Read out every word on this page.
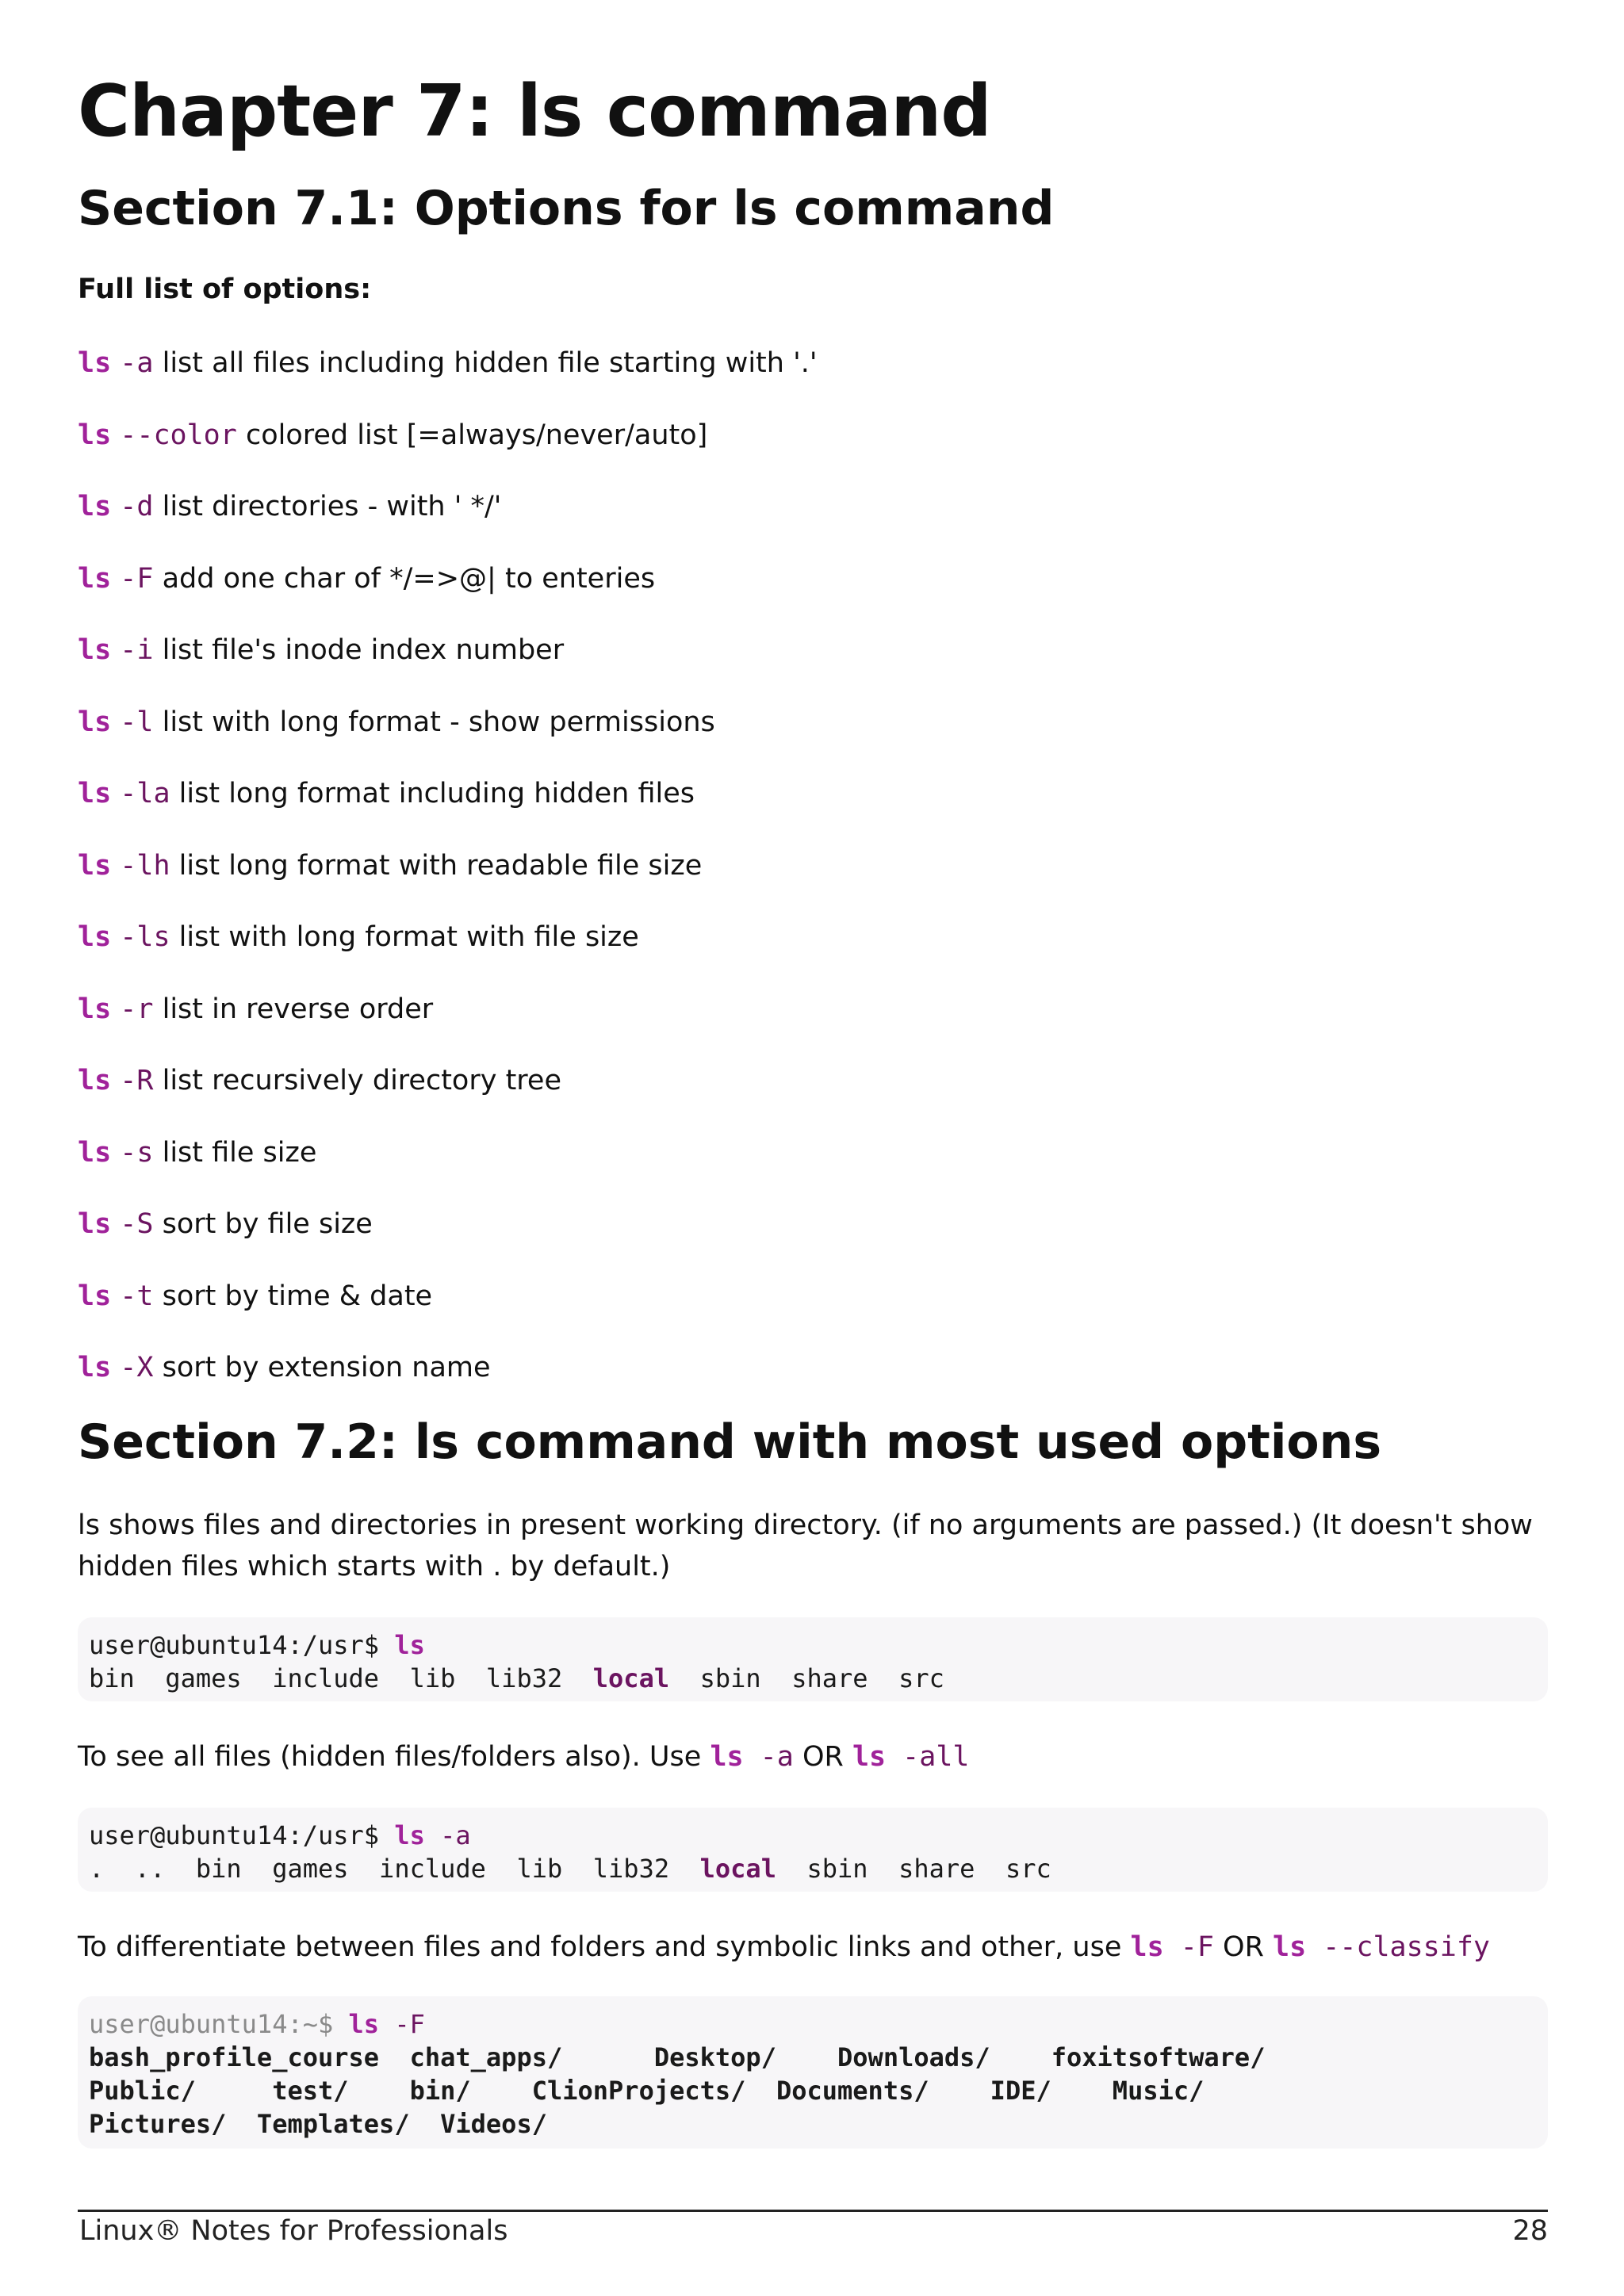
Chapter 7: ls command
Section 7.1: Options for ls command
Full list of options:
ls -a list all files including hidden file starting with '.'
ls --color colored list [=always/never/auto]
ls -d list directories - with ' */'
ls -F add one char of */=>@| to enteries
ls -i list file's inode index number
ls -l list with long format - show permissions
ls -la list long format including hidden files
ls -lh list long format with readable file size
ls -ls list with long format with file size
ls -r list in reverse order
ls -R list recursively directory tree
ls -s list file size
ls -S sort by file size
ls -t sort by time & date
ls -X sort by extension name
Section 7.2: ls command with most used options
ls shows files and directories in present working directory. (if no arguments are passed.) (It doesn't show hidden files which starts with . by default.)
user@ubuntu14:/usr$ ls
bin  games  include  lib  lib32  local  sbin  share  src
To see all files (hidden files/folders also). Use ls -a OR ls -all
user@ubuntu14:/usr$ ls -a
.  ..  bin  games  include  lib  lib32  local  sbin  share  src
To differentiate between files and folders and symbolic links and other, use ls -F OR ls --classify
user@ubuntu14:~$ ls -F
bash_profile_course  chat_apps/      Desktop/    Downloads/    foxitsoftware/
Public/     test/    bin/    ClionProjects/  Documents/    IDE/    Music/
Pictures/  Templates/  Videos/
Linux® Notes for Professionals	28
